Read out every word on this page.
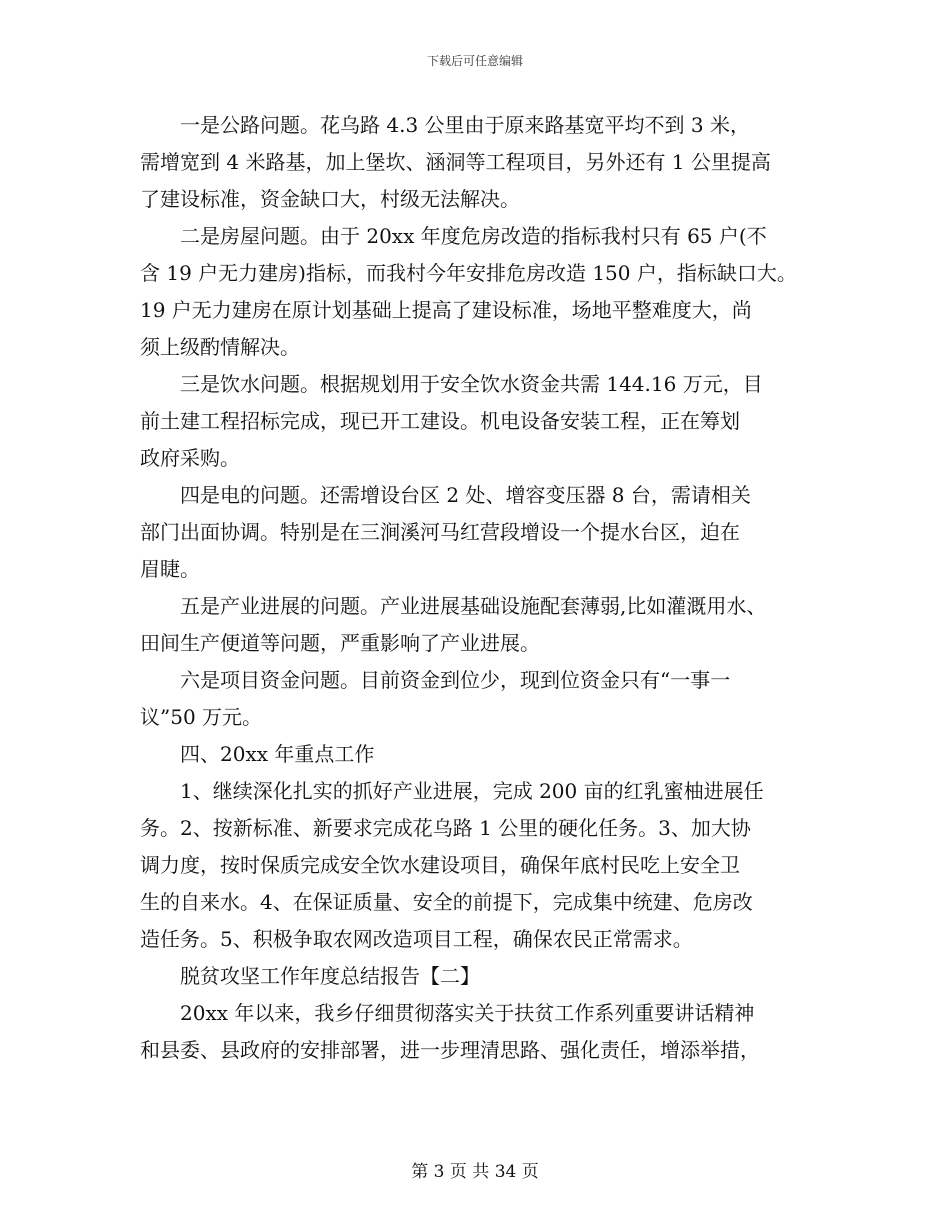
下载后可任意编辑
　　一是公路问题。花乌路 4.3 公里由于原来路基宽平均不到 3 米，
需增宽到 4 米路基，加上堡坎、涵洞等工程项目，另外还有 1 公里提高
了建设标准，资金缺口大，村级无法解决。
　　二是房屋问题。由于 20xx 年度危房改造的指标我村只有 65 户(不
含 19 户无力建房)指标，而我村今年安排危房改造 150 户，指标缺口大。
19 户无力建房在原计划基础上提高了建设标准，场地平整难度大，尚
须上级酌情解决。
　　三是饮水问题。根据规划用于安全饮水资金共需 144.16 万元，目
前土建工程招标完成，现已开工建设。机电设备安装工程，正在筹划
政府采购。
　　四是电的问题。还需增设台区 2 处、增容变压器 8 台，需请相关
部门出面协调。特别是在三涧溪河马红营段增设一个提水台区，迫在
眉睫。
　　五是产业进展的问题。产业进展基础设施配套薄弱,比如灌溉用水、
田间生产便道等问题，严重影响了产业进展。
　　六是项目资金问题。目前资金到位少，现到位资金只有“一事一
议”50 万元。
　　四、20xx 年重点工作
　　1、继续深化扎实的抓好产业进展，完成 200 亩的红乳蜜柚进展任
务。2、按新标准、新要求完成花乌路 1 公里的硬化任务。3、加大协
调力度，按时保质完成安全饮水建设项目，确保年底村民吃上安全卫
生的自来水。4、在保证质量、安全的前提下，完成集中统建、危房改
造任务。5、积极争取农网改造项目工程，确保农民正常需求。
　　脱贫攻坚工作年度总结报告【二】
　　20xx 年以来，我乡仔细贯彻落实关于扶贫工作系列重要讲话精神
和县委、县政府的安排部署，进一步理清思路、强化责任，增添举措，
第 3 页 共 34 页
